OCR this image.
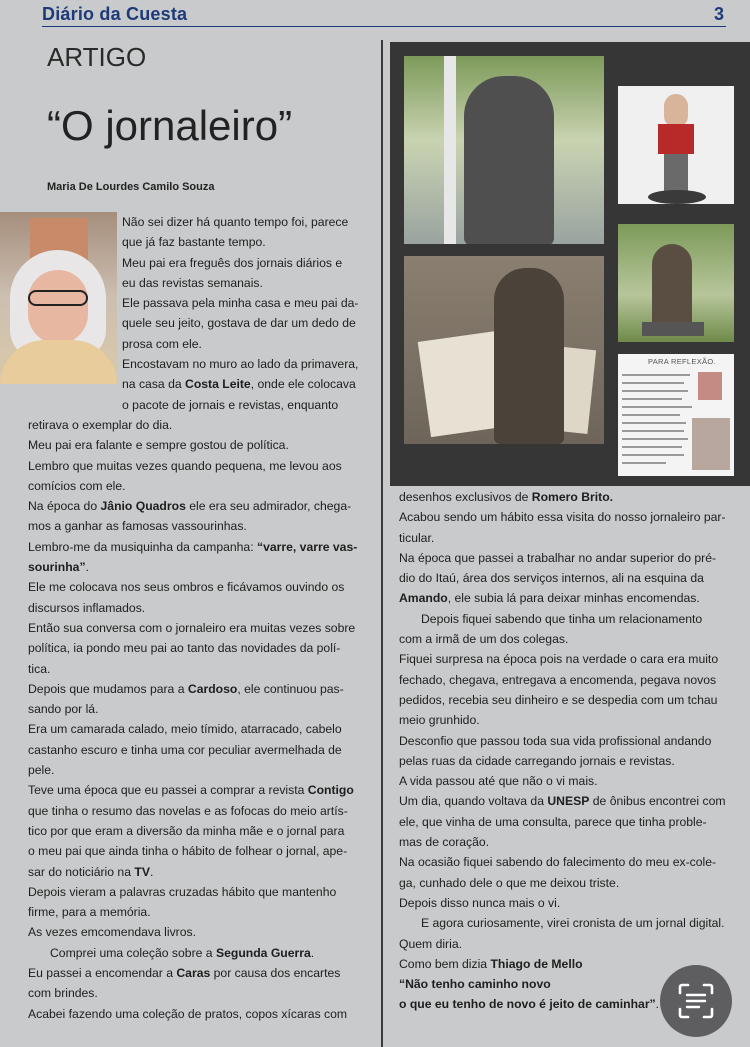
Diário da Cuesta	3
ARTIGO
“O jornaleiro”
Maria De Lourdes Camilo Souza

Não sei dizer há quanto tempo foi, parece

que já faz bastante tempo.

Meu pai era freguês dos jornais diários e

eu das revistas semanais.

Ele passava pela minha casa e meu pai da-

quele seu jeito, gostava de dar um dedo de

prosa com ele.

Encostavam no muro ao lado da primavera,

na casa da Costa Leite, onde ele colocava

o pacote de jornais e revistas, enquanto

retirava o exemplar do dia.

Meu pai era falante e sempre gostou de política.

Lembro que muitas vezes quando pequena, me levou aos

comícios com ele.

Na época do Jânio Quadros ele era seu admirador, chega-

mos a ganhar as famosas vassourinhas.

Lembro-me da musiquinha da campanha: “varre, varre vas-

sourinha”.

Ele me colocava nos seus ombros e ficávamos ouvindo os

discursos inflamados.

Então sua conversa com o jornaleiro era muitas vezes sobre

política, ia pondo meu pai ao tanto das novidades da polí-

tica.

Depois que mudamos para a Cardoso, ele continuou pas-

sando por lá.

Era um camarada calado, meio tímido, atarracado, cabelo

castanho escuro e tinha uma cor peculiar avermelhada de

pele.

Teve uma época que eu passei a comprar a revista Contigo

que tinha o resumo das novelas e as fofocas do meio artís-

tico por que eram a diversão da minha mãe e o jornal para

o meu pai que ainda tinha o hábito de folhear o jornal, ape-

sar do noticiário na TV.

Depois vieram a palavras cruzadas hábito que mantenho

firme, para a memória.

As vezes emcomendava livros.

Comprei uma coleção sobre a Segunda Guerra.

Eu passei a encomendar a Caras por causa dos encartes

com brindes.

Acabei fazendo uma coleção de pratos, copos xícaras com

PARA REFLEXÃO.

desenhos exclusivos de Romero Brito.

Acabou sendo um hábito essa visita do nosso jornaleiro par-

ticular.

Na época que passei a trabalhar no andar superior do pré-

dio do Itaú, área dos serviços internos, ali na esquina da

Amando, ele subia lá para deixar minhas encomendas.

Depois fiquei sabendo que tinha um relacionamento

com a irmã de um dos colegas.

Fiquei surpresa na época pois na verdade o cara era muito

fechado, chegava, entregava a encomenda, pegava novos

pedidos, recebia seu dinheiro e se despedia com um tchau

meio grunhido.

Desconfio que passou toda sua vida profissional andando

pelas ruas da cidade carregando jornais e revistas.

A vida passou até que não o vi mais.

Um dia, quando voltava da UNESP de ônibus encontrei com

ele, que vinha de uma consulta, parece que tinha proble-

mas de coração.

Na ocasião fiquei sabendo do falecimento do meu ex-cole-

ga, cunhado dele o que me deixou triste.

Depois disso nunca mais o vi.

E agora curiosamente, virei cronista de um jornal digital.

Quem diria.

Como bem dizia Thiago de Mello

“Não tenho caminho novo

o que eu tenho de novo é jeito de caminhar”.
